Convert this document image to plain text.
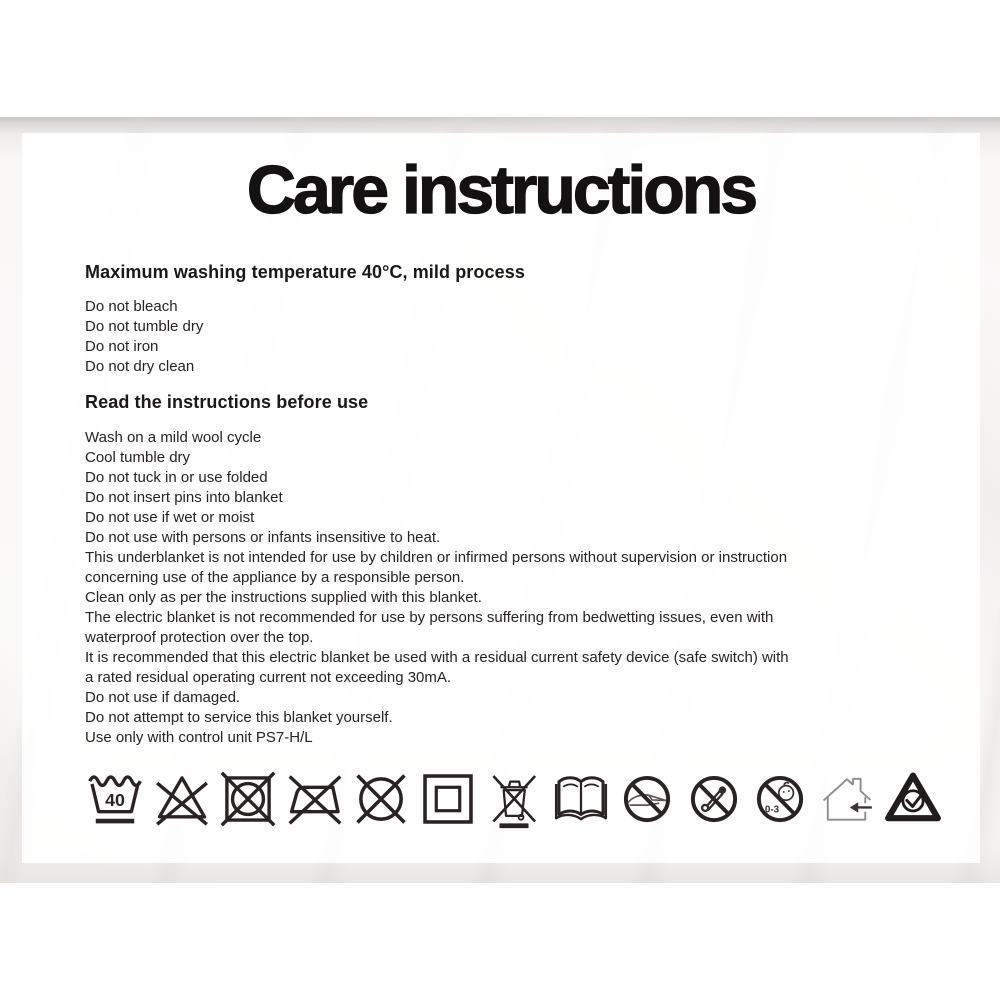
Care instructions
Maximum washing temperature 40°C, mild process
Do not bleach
Do not tumble dry
Do not iron
Do not dry clean
Read the instructions before use
Wash on a mild wool cycle
Cool tumble dry
Do not tuck in or use folded
Do not insert pins into blanket
Do not use if wet or moist
Do not use with persons or infants insensitive to heat.
This underblanket is not intended for use by children or infirmed persons without supervision or instruction
concerning use of the appliance by a responsible person.
Clean only as per the instructions supplied with this blanket.
The electric blanket is not recommended for use by persons suffering from bedwetting issues, even with
waterproof protection over the top.
It is recommended that this electric blanket be used with a residual current safety device (safe switch) with
a rated residual operating current not exceeding 30mA.
Do not use if damaged.
Do not attempt to service this blanket yourself.
Use only with control unit PS7-H/L
40
0-3
